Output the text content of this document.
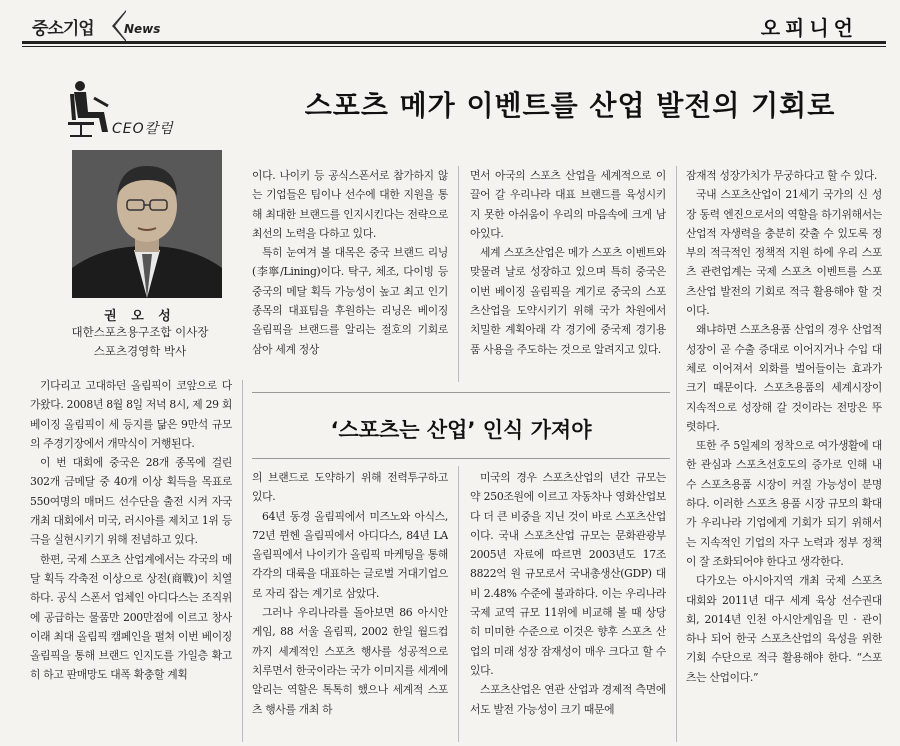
중소기업	News	오피니언
CEO칼럼
권 오 성
대한스포츠용구조합 이사장
스포츠경영학 박사
스포츠 메가 이벤트를 산업 발전의 기회로

이다. 나이키 등 공식스폰서로 참가하지 않는 기업들은 팀이나 선수에 대한 지원을 통해 최대한 브랜드를 인지시킨다는 전략으로 최선의 노력을 다하고 있다.

특히 눈여겨 볼 대목은 중국 브랜드 리닝(李寧/Lining)이다. 탁구, 체조, 다이빙 등 중국의 메달 획득 가능성이 높고 최고 인기 종목의 대표팀을 후원하는 리닝은 베이징 올림픽을 브랜드를 알리는 절호의 기회로 삼아 세계 정상

면서 아국의 스포츠 산업을 세계적으로 이끌어 갈 우리나라 대표 브랜드를 육성시키지 못한 아쉬움이 우리의 마음속에 크게 남아있다.

세계 스포츠산업은 메가 스포츠 이벤트와 맞물려 날로 성장하고 있으며 특히 중국은 이번 베이징 올림픽을 계기로 중국의 스포츠산업을 도약시키기 위해 국가 차원에서 치밀한 계획아래 각 경기에 중국제 경기용품 사용을 주도하는 것으로 알려지고 있다.

‘스포츠는 산업’ 인식 가져야

기다리고 고대하던 올림픽이 코앞으로 다가왔다. 2008년 8월 8일 저녁 8시, 제 29 회 베이징 올림픽이 세 등지를 닮은 9만석 규모의 주경기장에서 개막식이 거행된다.

이 번 대회에 중국은 28개 종목에 걸린 302개 금메달 중 40개 이상 획득을 목표로 550여명의 매머드 선수단을 출전 시켜 자국 개최 대회에서 미국, 러시아를 제치고 1위 등극을 실현시키기 위해 전념하고 있다.

한편, 국제 스포츠 산업계에서는 각국의 메달 획득 각축전 이상으로 상전(商戰)이 치열하다. 공식 스폰서 업체인 아디다스는 조직위에 공급하는 물품만 200만점에 이르고 창사 이래 최대 올림픽 캠페인을 펼쳐 이번 베이징올림픽을 통해 브랜드 인지도를 가일층 확고히 하고 판매망도 대폭 확충할 계획

의 브랜드로 도약하기 위해 전력투구하고 있다.

64년 동경 올림픽에서 미즈노와 아식스, 72년 뮌헨 올림픽에서 아디다스, 84년 LA 올림픽에서 나이키가 올림픽 마케팅을 통해 각각의 대륙을 대표하는 글로벌 거대기업으로 자리 잡는 계기로 삼았다.

그러나 우리나라를 돌아보면 86 아시안게임, 88 서울 올림픽, 2002 한일 월드컵까지 세계적인 스포츠 행사를 성공적으로 치루면서 한국이라는 국가 이미지를 세계에 알리는 역할은 톡톡히 했으나 세계적 스포츠 행사를 개최 하

미국의 경우 스포츠산업의 년간 규모는 약 250조원에 이르고 자동차나 영화산업보다 더 큰 비중을 지닌 것이 바로 스포츠산업이다. 국내 스포츠산업 규모는 문화관광부 2005년 자료에 따르면 2003년도 17조 8822억 원 규모로서 국내총생산(GDP) 대비 2.48% 수준에 불과하다. 이는 우리나라 국제 교역 규모 11위에 비교해 볼 때 상당히 미미한 수준으로 이것은 향후 스포츠 산업의 미래 성장 잠재성이 매우 크다고 할 수 있다.

스포츠산업은 연관 산업과 경제적 측면에서도 발전 가능성이 크기 때문에

잠재적 성장가치가 무궁하다고 할 수 있다.

국내 스포츠산업이 21세기 국가의 신 성장 동력 엔진으로서의 역할을 하기위해서는 산업적 자생력을 충분히 갖출 수 있도록 정부의 적극적인 정책적 지원 하에 우리 스포츠 관련업계는 국제 스포츠 이벤트를 스포츠산업 발전의 기회로 적극 활용해야 할 것이다.

왜냐하면 스포츠용품 산업의 경우 산업적 성장이 곧 수출 증대로 이어지거나 수입 대체로 이어져서 외화를 벌어들이는 효과가 크기 때문이다. 스포츠용품의 세계시장이 지속적으로 성장해 갈 것이라는 전망은 뚜렷하다.

또한 주 5일제의 정착으로 여가생활에 대한 관심과 스포츠선호도의 증가로 인해 내수 스포츠용품 시장이 커질 가능성이 분명하다. 이러한 스포츠 용품 시장 규모의 확대가 우리나라 기업에게 기회가 되기 위해서는 지속적인 기업의 자구 노력과 정부 정책이 잘 조화되어야 한다고 생각한다.

다가오는 아시아지역 개최 국제 스포츠 대회와 2011년 대구 세계 육상 선수권대회, 2014년 인천 아시안게임을 민 · 관이 하나 되어 한국 스포츠산업의 육성을 위한 기회 수단으로 적극 활용해야 한다. “스포츠는 산업이다.”
